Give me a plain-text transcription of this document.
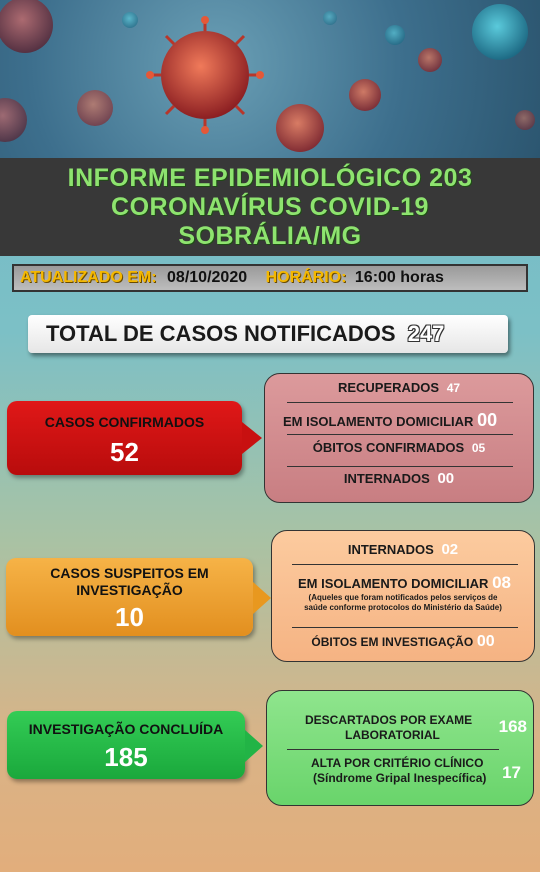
INFORME EPIDEMIOLÓGICO 203
CORONAVÍRUS COVID-19
SOBRÁLIA/MG
ATUALIZADO EM: 08/10/2020 HORÁRIO: 16:00 horas
TOTAL DE CASOS NOTIFICADOS 247
CASOS CONFIRMADOS
52
RECUPERADOS 47
EM ISOLAMENTO DOMICILIAR 00
ÓBITOS CONFIRMADOS 05
INTERNADOS 00
CASOS SUSPEITOS EM
INVESTIGAÇÃO
10
INTERNADOS 02
EM ISOLAMENTO DOMICILIAR 08
(Aqueles que foram notificados pelos serviços de
saúde conforme protocolos do Ministério da Saúde)
ÓBITOS EM INVESTIGAÇÃO 00
INVESTIGAÇÃO CONCLUÍDA
185
DESCARTADOS POR EXAME
LABORATORIAL	168
ALTA POR CRITÉRIO CLÍNICO
(Síndrome Gripal Inespecífica) 17
